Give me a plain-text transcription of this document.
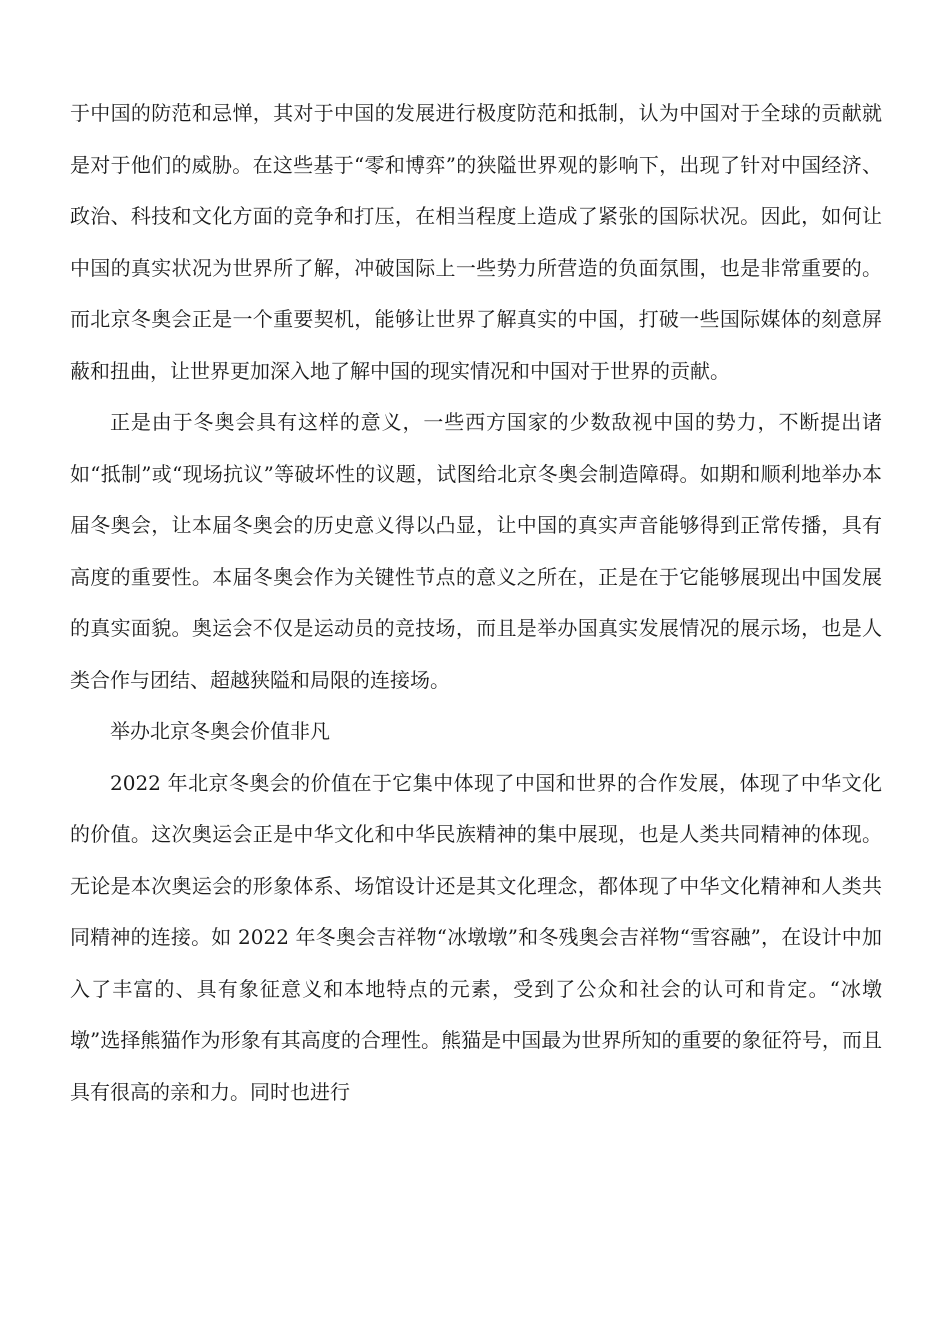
于中国的防范和忌惮，其对于中国的发展进行极度防范和抵制，认为中国对于全球的贡献就是对于他们的威胁。在这些基于“零和博弈”的狭隘世界观的影响下，出现了针对中国经济、政治、科技和文化方面的竞争和打压，在相当程度上造成了紧张的国际状况。因此，如何让中国的真实状况为世界所了解，冲破国际上一些势力所营造的负面氛围，也是非常重要的。而北京冬奥会正是一个重要契机，能够让世界了解真实的中国，打破一些国际媒体的刻意屏蔽和扭曲，让世界更加深入地了解中国的现实情况和中国对于世界的贡献。

正是由于冬奥会具有这样的意义，一些西方国家的少数敌视中国的势力，不断提出诸如“抵制”或“现场抗议”等破坏性的议题，试图给北京冬奥会制造障碍。如期和顺利地举办本届冬奥会，让本届冬奥会的历史意义得以凸显，让中国的真实声音能够得到正常传播，具有高度的重要性。本届冬奥会作为关键性节点的意义之所在，正是在于它能够展现出中国发展的真实面貌。奥运会不仅是运动员的竞技场，而且是举办国真实发展情况的展示场，也是人类合作与团结、超越狭隘和局限的连接场。

举办北京冬奥会价值非凡

2022 年北京冬奥会的价值在于它集中体现了中国和世界的合作发展，体现了中华文化的价值。这次奥运会正是中华文化和中华民族精神的集中展现，也是人类共同精神的体现。无论是本次奥运会的形象体系、场馆设计还是其文化理念，都体现了中华文化精神和人类共同精神的连接。如 2022 年冬奥会吉祥物“冰墩墩”和冬残奥会吉祥物“雪容融”，在设计中加入了丰富的、具有象征意义和本地特点的元素，受到了公众和社会的认可和肯定。“冰墩墩”选择熊猫作为形象有其高度的合理性。熊猫是中国最为世界所知的重要的象征符号，而且具有很高的亲和力。同时也进行
